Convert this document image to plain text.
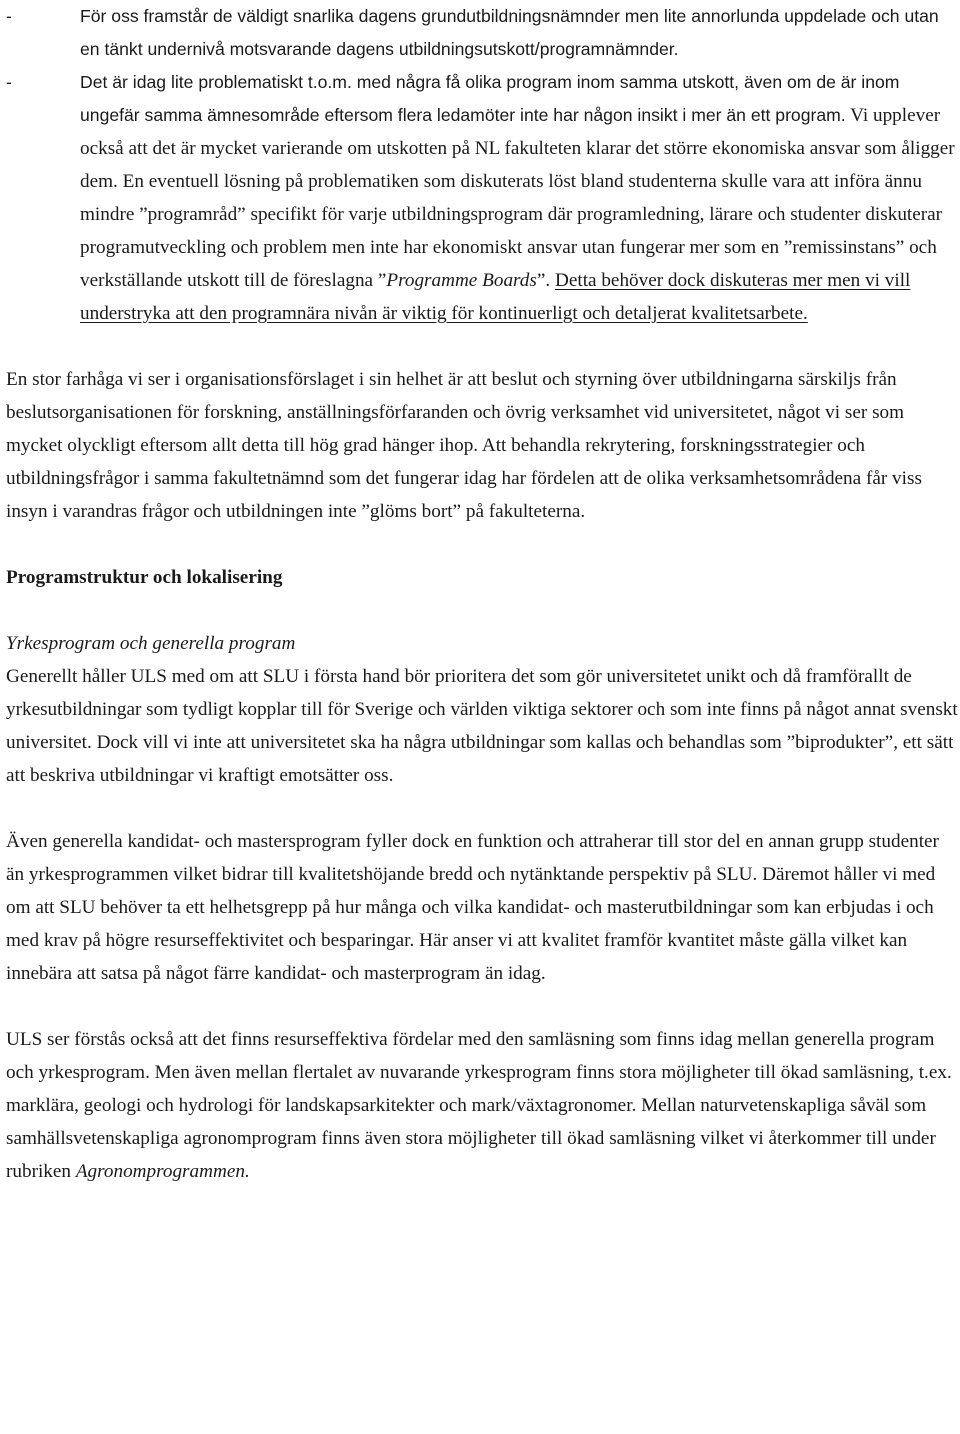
-	För oss framstår de väldigt snarlika dagens grundutbildningsnämnder men lite annorlunda uppdelade och utan en tänkt undernivå motsvarande dagens utbildningsutskott/programnämnder.
-	Det är idag lite problematiskt t.o.m. med några få olika program inom samma utskott, även om de är inom ungefär samma ämnesområde eftersom flera ledamöter inte har någon insikt i mer än ett program. Vi upplever också att det är mycket varierande om utskotten på NL fakulteten klarar det större ekonomiska ansvar som åligger dem. En eventuell lösning på problematiken som diskuterats löst bland studenterna skulle vara att införa ännu mindre ”programråd” specifikt för varje utbildningsprogram där programledning, lärare och studenter diskuterar programutveckling och problem men inte har ekonomiskt ansvar utan fungerar mer som en ”remissinstans” och verkställande utskott till de föreslagna ”Programme Boards”. Detta behöver dock diskuteras mer men vi vill understryka att den programnära nivån är viktig för kontinuerligt och detaljerat kvalitetsarbete.

En stor farhåga vi ser i organisationsförslaget i sin helhet är att beslut och styrning över utbildningarna särskiljs från beslutsorganisationen för forskning, anställningsförfaranden och övrig verksamhet vid universitetet, något vi ser som mycket olyckligt eftersom allt detta till hög grad hänger ihop. Att behandla rekrytering, forskningsstrategier och utbildningsfrågor i samma fakultetnämnd som det fungerar idag har fördelen att de olika verksamhetsområdena får viss insyn i varandras frågor och utbildningen inte ”glöms bort” på fakulteterna.

Programstruktur och lokalisering

Yrkesprogram och generella program

Generellt håller ULS med om att SLU i första hand bör prioritera det som gör universitetet unikt och då framförallt de yrkesutbildningar som tydligt kopplar till för Sverige och världen viktiga sektorer och som inte finns på något annat svenskt universitet. Dock vill vi inte att universitetet ska ha några utbildningar som kallas och behandlas som ”biprodukter”, ett sätt att beskriva utbildningar vi kraftigt emotsätter oss.

Även generella kandidat- och mastersprogram fyller dock en funktion och attraherar till stor del en annan grupp studenter än yrkesprogrammen vilket bidrar till kvalitetshöjande bredd och nytänktande perspektiv på SLU. Däremot håller vi med om att SLU behöver ta ett helhetsgrepp på hur många och vilka kandidat- och masterutbildningar som kan erbjudas i och med krav på högre resurseffektivitet och besparingar. Här anser vi att kvalitet framför kvantitet måste gälla vilket kan innebära att satsa på något färre kandidat- och masterprogram än idag.

ULS ser förstås också att det finns resurseffektiva fördelar med den samläsning som finns idag mellan generella program och yrkesprogram. Men även mellan flertalet av nuvarande yrkesprogram finns stora möjligheter till ökad samläsning, t.ex. marklära, geologi och hydrologi för landskapsarkitekter och mark/växtagronomer. Mellan naturvetenskapliga såväl som samhällsvetenskapliga agronomprogram finns även stora möjligheter till ökad samläsning vilket vi återkommer till under rubriken Agronomprogrammen.
